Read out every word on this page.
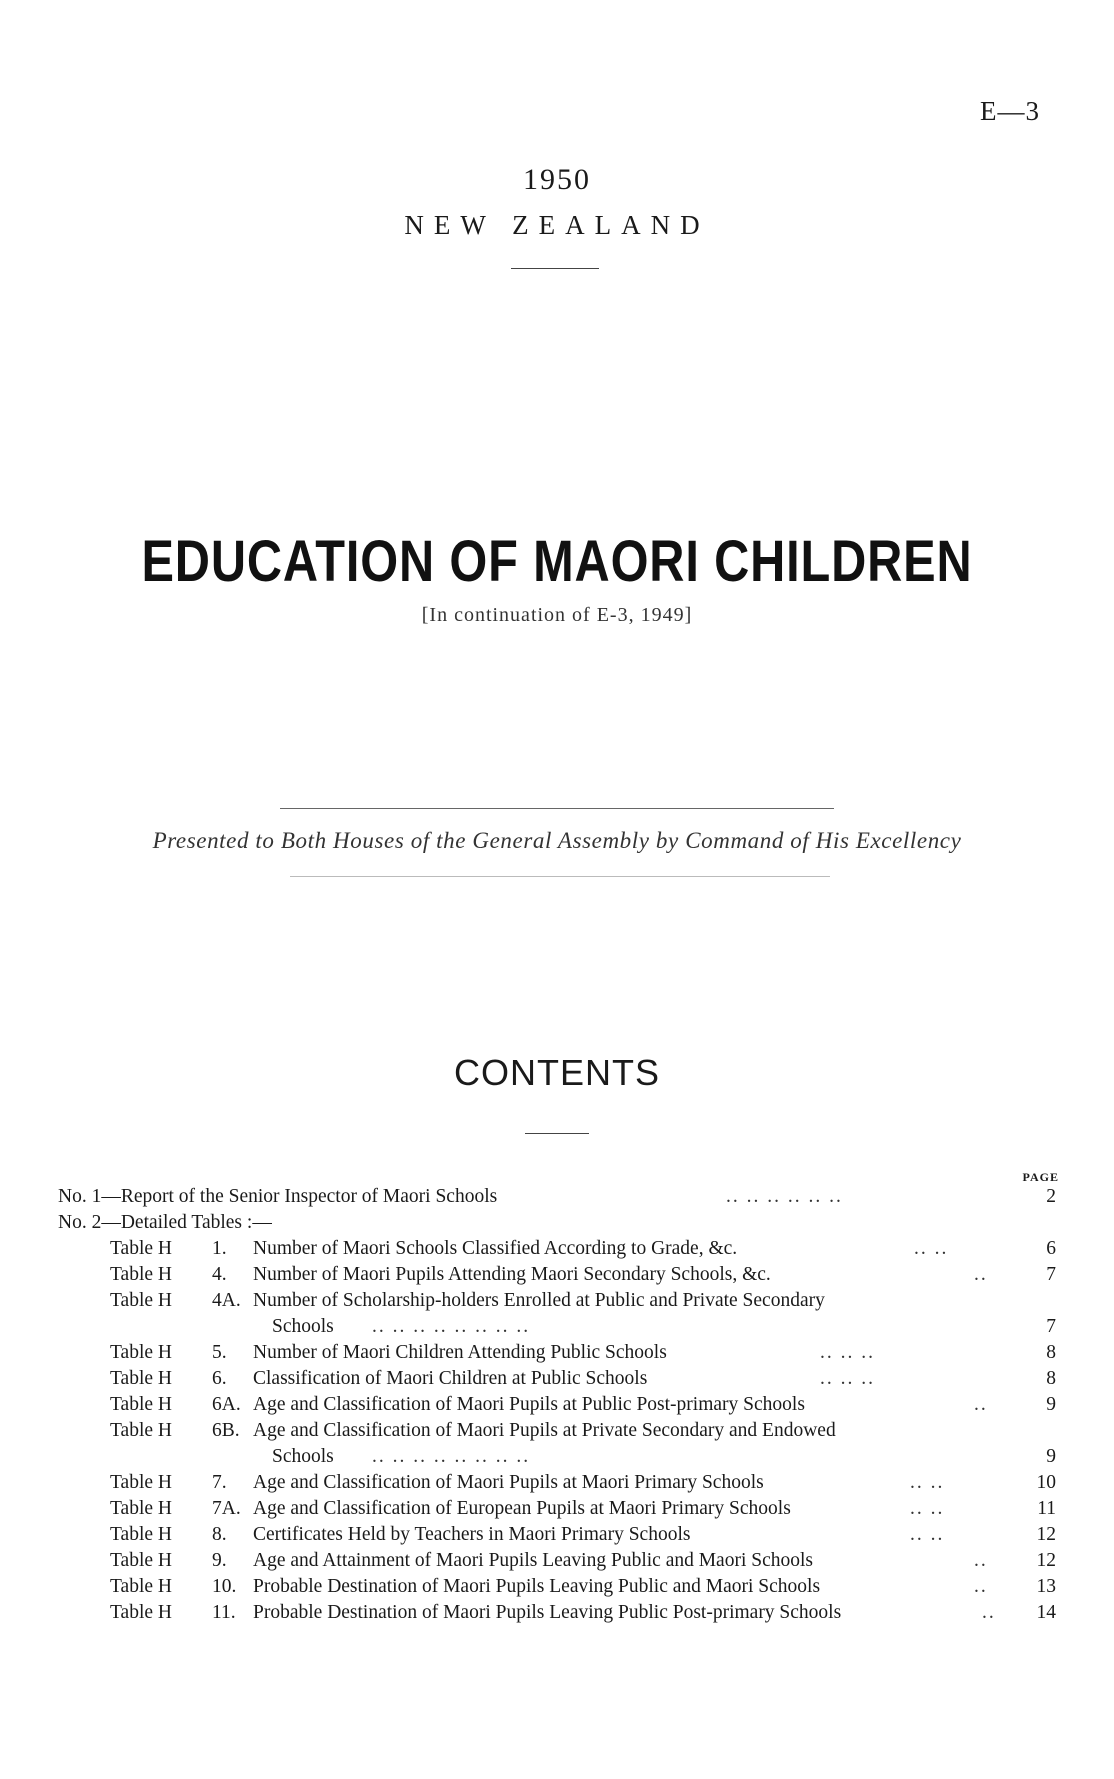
E—3
1950
NEW ZEALAND
EDUCATION OF MAORI CHILDREN
[In continuation of E-3, 1949]
Presented to Both Houses of the General Assembly by Command of His Excellency
CONTENTS
PAGE
No. 1—Report of the Senior Inspector of Maori Schools	.. .. .. .. .. ..	2
No. 2—Detailed Tables :—
Table H 1. Number of Maori Schools Classified According to Grade, &c.	.. ..	6
Table H 4. Number of Maori Pupils Attending Maori Secondary Schools, &c.	..	7
Table H 4A. Number of Scholarship-holders Enrolled at Public and Private Secondary
Schools .. .. .. .. .. .. .. ..	7
Table H 5. Number of Maori Children Attending Public Schools	.. .. ..	8
Table H 6. Classification of Maori Children at Public Schools	.. .. ..	8
Table H 6A. Age and Classification of Maori Pupils at Public Post-primary Schools	..	9
Table H 6B. Age and Classification of Maori Pupils at Private Secondary and Endowed
Schools .. .. .. .. .. .. .. ..	9
Table H 7. Age and Classification of Maori Pupils at Maori Primary Schools	.. ..	10
Table H 7A. Age and Classification of European Pupils at Maori Primary Schools	.. ..	11
Table H 8. Certificates Held by Teachers in Maori Primary Schools	.. ..	12
Table H 9. Age and Attainment of Maori Pupils Leaving Public and Maori Schools	..	12
Table H 10. Probable Destination of Maori Pupils Leaving Public and Maori Schools	..	13
Table H 11. Probable Destination of Maori Pupils Leaving Public Post-primary Schools	..	14
